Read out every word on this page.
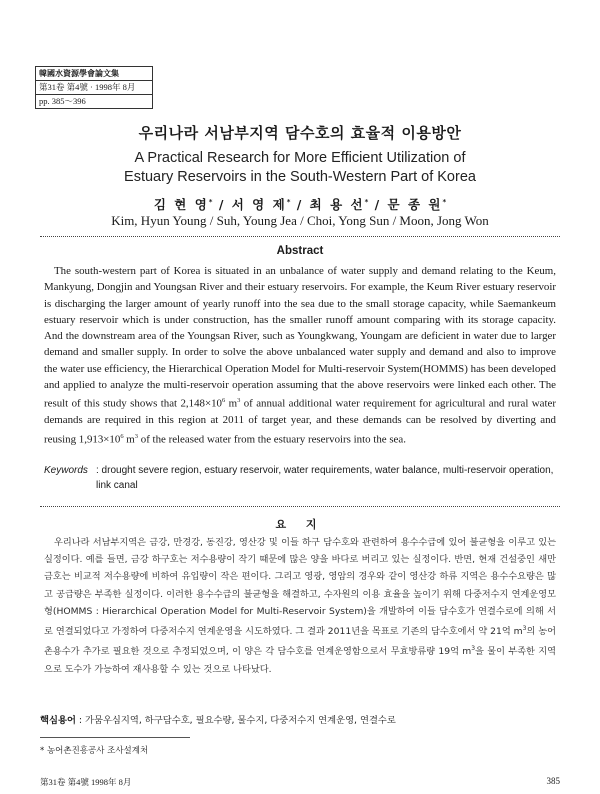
韓國水資源學會論文集
第31卷 第4號 · 1998年 8月
pp. 385～396
우리나라 서남부지역 담수호의 효율적 이용방안
A Practical Research for More Efficient Utilization of
Estuary Reservoirs in the South-Western Part of Korea
김 현 영* / 서 영 제* / 최 용 선* / 문 종 원*
Kim, Hyun Young / Suh, Young Jea / Choi, Yong Sun / Moon, Jong Won
Abstract
The south-western part of Korea is situated in an unbalance of water supply and demand relating to the Keum, Mankyung, Dongjin and Youngsan River and their estuary reservoirs. For example, the Keum River estuary reservoir is discharging the larger amount of yearly runoff into the sea due to the small storage capacity, while Saemankeum estuary reservoir which is under construction, has the smaller runoff amount comparing with its storage capacity. And the downstream area of the Youngsan River, such as Youngkwang, Youngam are deficient in water due to larger demand and smaller supply. In order to solve the above unbalanced water supply and demand and also to improve the water use efficiency, the Hierarchical Operation Model for Multi-reservoir System(HOMMS) has been developed and applied to analyze the multi-reservoir operation assuming that the above reservoirs were linked each other. The result of this study shows that $2,148\times 10^6$ $m^3$ of annual additional water requirement for agricultural and rural water demands are required in this region at 2011 of target year, and these demands can be resolved by diverting and reusing $1,913\times 10^6$ $m^3$ of the released water from the estuary reservoirs into the sea.
Keywords : drought severe region, estuary reservoir, water requirements, water balance, multi-reservoir operation, link canal
요 지
우리나라 서남부지역은 금강, 만경강, 동진강, 영산강 및 이들 하구 담수호와 관련하여 용수수급에 있어 불균형을 이루고 있는 실정이다. 예를 들면, 금강 하구호는 저수용량이 작기 때문에 많은 양을 바다로 버리고 있는 실정이다. 반면, 현재 건설중인 새만금호는 비교적 저수용량에 비하여 유입량이 작은 편이다. 그리고 영광, 영암의 경우와 같이 영산강 하류 지역은 용수수요량은 많고 공급량은 부족한 실정이다. 이러한 용수수급의 불균형을 해결하고, 수자원의 이용 효율을 높이기 위해 다중저수지 연계운영모형(HOMMS : Hierarchical Operation Model for Multi-Reservoir System)을 개발하여 이들 담수호가 연결수로에 의해 서로 연결되었다고 가정하여 다중저수지 연계운영을 시도하였다. 그 결과 2011년을 목표로 기존의 담수호에서 약 21억 $m^3$의 농어촌용수가 추가로 필요한 것으로 추정되었으며, 이 양은 각 담수호를 연계운영함으로서 무효방류량 19억 $m^3$을 물이 부족한 지역으로 도수가 가능하여 재사용할 수 있는 것으로 나타났다.
핵심용어 : 가뭄우심지역, 하구담수호, 필요수량, 물수지, 다중저수지 연계운영, 연결수로
* 농어촌진흥공사 조사설계처
第31卷 第4號 1998年 8月	385
